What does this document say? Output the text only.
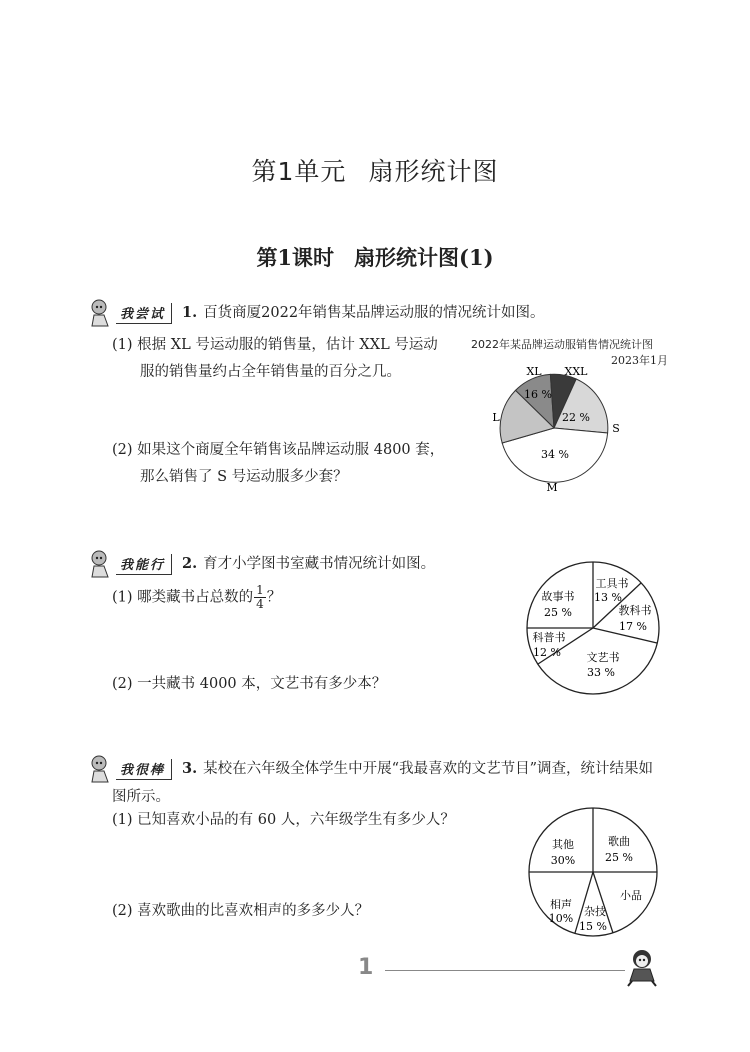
第1单元 扇形统计图
第1课时 扇形统计图(1)
我尝试	1. 百货商厦2022年销售某品牌运动服的情况统计如图。
(1) 根据 XL 号运动服的销售量，估计 XXL 号运动
服的销售量约占全年销售量的百分之几。
(2) 如果这个商厦全年销售该品牌运动服 4800 套，
那么销售了 S 号运动服多少套？
2022年某品牌运动服销售情况统计图
2023年1月
16 %
22 %
34 %
XL XXL
S
M
L
我能行	2. 育才小学图书室藏书情况统计如图。
(1) 哪类藏书占总数的 $\frac{1}{4}$ ？
(2) 一共藏书 4000 本，文艺书有多少本？
工具书
13 %
教科书
17 %
文艺书
33 %
科普书
12 %
故事书
25 %
我很棒	3. 某校在六年级全体学生中开展“我最喜欢的文艺节目”调查，统计结果如
图所示。
(1) 已知喜欢小品的有 60 人，六年级学生有多少人？
(2) 喜欢歌曲的比喜欢相声的多多少人？
歌曲
25 %
小品
杂技
15 %
相声
10%
其他
30%
1
